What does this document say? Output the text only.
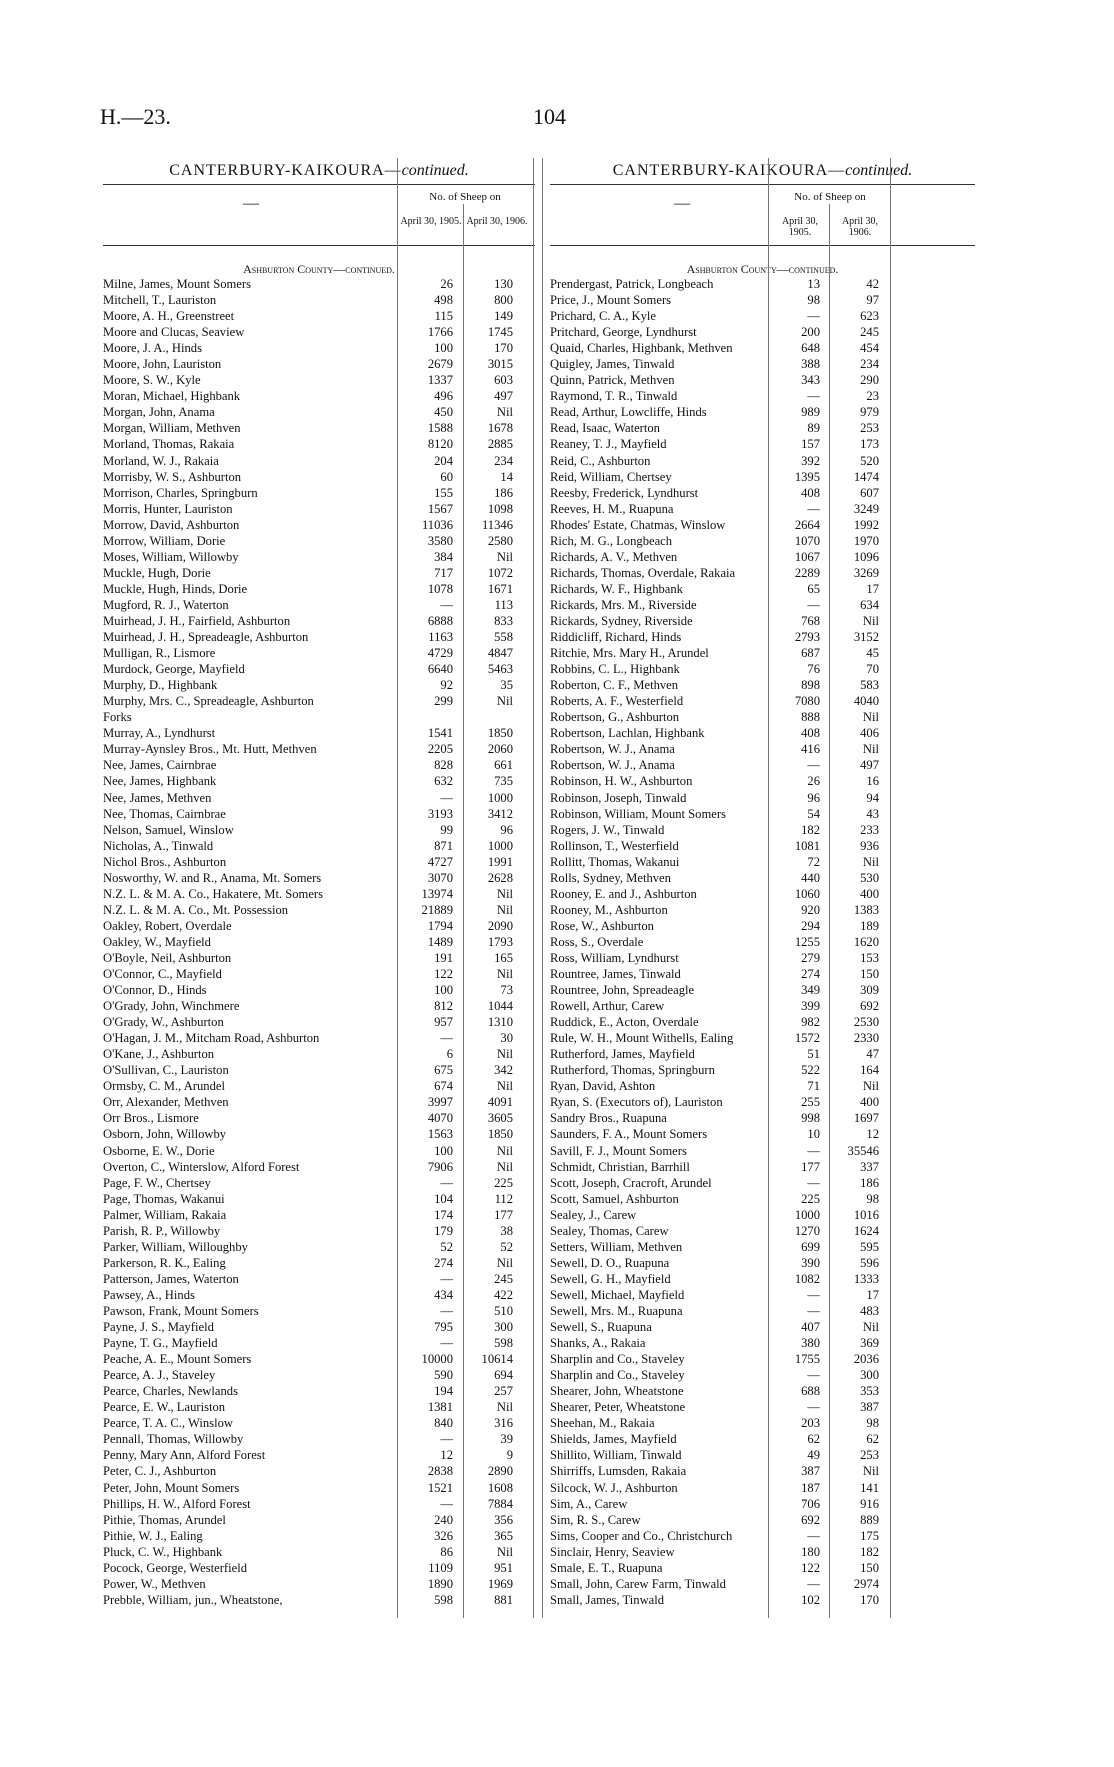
H.—23.	104
CANTERBURY-KAIKOURA—continued.
—	No. of Sheep on
April 30, 1905. April 30, 1906.
Ashburton County—continued.
Milne, James, Mount Somers	26	130
Mitchell, T., Lauriston	498	800
Moore, A. H., Greenstreet	115	149
Moore and Clucas, Seaview	1766	1745
Moore, J. A., Hinds	100	170
Moore, John, Lauriston	2679	3015
Moore, S. W., Kyle	1337	603
Moran, Michael, Highbank	496	497
Morgan, John, Anama	450	Nil
Morgan, William, Methven	1588	1678
Morland, Thomas, Rakaia	8120	2885
Morland, W. J., Rakaia	204	234
Morrisby, W. S., Ashburton	60	14
Morrison, Charles, Springburn	155	186
Morris, Hunter, Lauriston	1567	1098
Morrow, David, Ashburton	11036	11346
Morrow, William, Dorie	3580	2580
Moses, William, Willowby	384	Nil
Muckle, Hugh, Dorie	717	1072
Muckle, Hugh, Hinds, Dorie	1078	1671
Mugford, R. J., Waterton	—	113
Muirhead, J. H., Fairfield, Ashburton	6888	833
Muirhead, J. H., Spreadeagle, Ashburton	1163	558
Mulligan, R., Lismore	4729	4847
Murdock, George, Mayfield	6640	5463
Murphy, D., Highbank	92	35
Murphy, Mrs. C., Spreadeagle, Ashburton	299	Nil
Forks
Murray, A., Lyndhurst	1541	1850
Murray-Aynsley Bros., Mt. Hutt, Methven	2205	2060
Nee, James, Cairnbrae	828	661
Nee, James, Highbank	632	735
Nee, James, Methven	—	1000
Nee, Thomas, Cairnbrae	3193	3412
Nelson, Samuel, Winslow	99	96
Nicholas, A., Tinwald	871	1000
Nichol Bros., Ashburton	4727	1991
Nosworthy, W. and R., Anama, Mt. Somers	3070	2628
N.Z. L. & M. A. Co., Hakatere, Mt. Somers	13974	Nil
N.Z. L. & M. A. Co., Mt. Possession	21889	Nil
Oakley, Robert, Overdale	1794	2090
Oakley, W., Mayfield	1489	1793
O'Boyle, Neil, Ashburton	191	165
O'Connor, C., Mayfield	122	Nil
O'Connor, D., Hinds	100	73
O'Grady, John, Winchmere	812	1044
O'Grady, W., Ashburton	957	1310
O'Hagan, J. M., Mitcham Road, Ashburton	—	30
O'Kane, J., Ashburton	6	Nil
O'Sullivan, C., Lauriston	675	342
Ormsby, C. M., Arundel	674	Nil
Orr, Alexander, Methven	3997	4091
Orr Bros., Lismore	4070	3605
Osborn, John, Willowby	1563	1850
Osborne, E. W., Dorie	100	Nil
Overton, C., Winterslow, Alford Forest	7906	Nil
Page, F. W., Chertsey	—	225
Page, Thomas, Wakanui	104	112
Palmer, William, Rakaia	174	177
Parish, R. P., Willowby	179	38
Parker, William, Willoughby	52	52
Parkerson, R. K., Ealing	274	Nil
Patterson, James, Waterton	—	245
Pawsey, A., Hinds	434	422
Pawson, Frank, Mount Somers	—	510
Payne, J. S., Mayfield	795	300
Payne, T. G., Mayfield	—	598
Peache, A. E., Mount Somers	10000	10614
Pearce, A. J., Staveley	590	694
Pearce, Charles, Newlands	194	257
Pearce, E. W., Lauriston	1381	Nil
Pearce, T. A. C., Winslow	840	316
Pennall, Thomas, Willowby	—	39
Penny, Mary Ann, Alford Forest	12	9
Peter, C. J., Ashburton	2838	2890
Peter, John, Mount Somers	1521	1608
Phillips, H. W., Alford Forest	—	7884
Pithie, Thomas, Arundel	240	356
Pithie, W. J., Ealing	326	365
Pluck, C. W., Highbank	86	Nil
Pocock, George, Westerfield	1109	951
Power, W., Methven	1890	1969
Prebble, William, jun., Wheatstone,	598	881
CANTERBURY-KAIKOURA—continued.
—	No. of Sheep on
April 30, 1905.
April 30, 1906.
Ashburton County—continued.
Prendergast, Patrick, Longbeach	13	42
Price, J., Mount Somers	98	97
Prichard, C. A., Kyle	—	623
Pritchard, George, Lyndhurst	200	245
Quaid, Charles, Highbank, Methven	648	454
Quigley, James, Tinwald	388	234
Quinn, Patrick, Methven	343	290
Raymond, T. R., Tinwald	—	23
Read, Arthur, Lowcliffe, Hinds	989	979
Read, Isaac, Waterton	89	253
Reaney, T. J., Mayfield	157	173
Reid, C., Ashburton	392	520
Reid, William, Chertsey	1395	1474
Reesby, Frederick, Lyndhurst	408	607
Reeves, H. M., Ruapuna	—	3249
Rhodes' Estate, Chatmas, Winslow	2664	1992
Rich, M. G., Longbeach	1070	1970
Richards, A. V., Methven	1067	1096
Richards, Thomas, Overdale, Rakaia	2289	3269
Richards, W. F., Highbank	65	17
Rickards, Mrs. M., Riverside	—	634
Rickards, Sydney, Riverside	768	Nil
Riddicliff, Richard, Hinds	2793	3152
Ritchie, Mrs. Mary H., Arundel	687	45
Robbins, C. L., Highbank	76	70
Roberton, C. F., Methven	898	583
Roberts, A. F., Westerfield	7080	4040
Robertson, G., Ashburton	888	Nil
Robertson, Lachlan, Highbank	408	406
Robertson, W. J., Anama	416	Nil
Robertson, W. J., Anama	—	497
Robinson, H. W., Ashburton	26	16
Robinson, Joseph, Tinwald	96	94
Robinson, William, Mount Somers	54	43
Rogers, J. W., Tinwald	182	233
Rollinson, T., Westerfield	1081	936
Rollitt, Thomas, Wakanui	72	Nil
Rolls, Sydney, Methven	440	530
Rooney, E. and J., Ashburton	1060	400
Rooney, M., Ashburton	920	1383
Rose, W., Ashburton	294	189
Ross, S., Overdale	1255	1620
Ross, William, Lyndhurst	279	153
Rountree, James, Tinwald	274	150
Rountree, John, Spreadeagle	349	309
Rowell, Arthur, Carew	399	692
Ruddick, E., Acton, Overdale	982	2530
Rule, W. H., Mount Withells, Ealing	1572	2330
Rutherford, James, Mayfield	51	47
Rutherford, Thomas, Springburn	522	164
Ryan, David, Ashton	71	Nil
Ryan, S. (Executors of), Lauriston	255	400
Sandry Bros., Ruapuna	998	1697
Saunders, F. A., Mount Somers	10	12
Savill, F. J., Mount Somers	—	35546
Schmidt, Christian, Barrhill	177	337
Scott, Joseph, Cracroft, Arundel	—	186
Scott, Samuel, Ashburton	225	98
Sealey, J., Carew	1000	1016
Sealey, Thomas, Carew	1270	1624
Setters, William, Methven	699	595
Sewell, D. O., Ruapuna	390	596
Sewell, G. H., Mayfield	1082	1333
Sewell, Michael, Mayfield	—	17
Sewell, Mrs. M., Ruapuna	—	483
Sewell, S., Ruapuna	407	Nil
Shanks, A., Rakaia	380	369
Sharplin and Co., Staveley	1755	2036
Sharplin and Co., Staveley	—	300
Shearer, John, Wheatstone	688	353
Shearer, Peter, Wheatstone	—	387
Sheehan, M., Rakaia	203	98
Shields, James, Mayfield	62	62
Shillito, William, Tinwald	49	253
Shirriffs, Lumsden, Rakaia	387	Nil
Silcock, W. J., Ashburton	187	141
Sim, A., Carew	706	916
Sim, R. S., Carew	692	889
Sims, Cooper and Co., Christchurch	—	175
Sinclair, Henry, Seaview	180	182
Smale, E. T., Ruapuna	122	150
Small, John, Carew Farm, Tinwald	—	2974
Small, James, Tinwald	102	170
